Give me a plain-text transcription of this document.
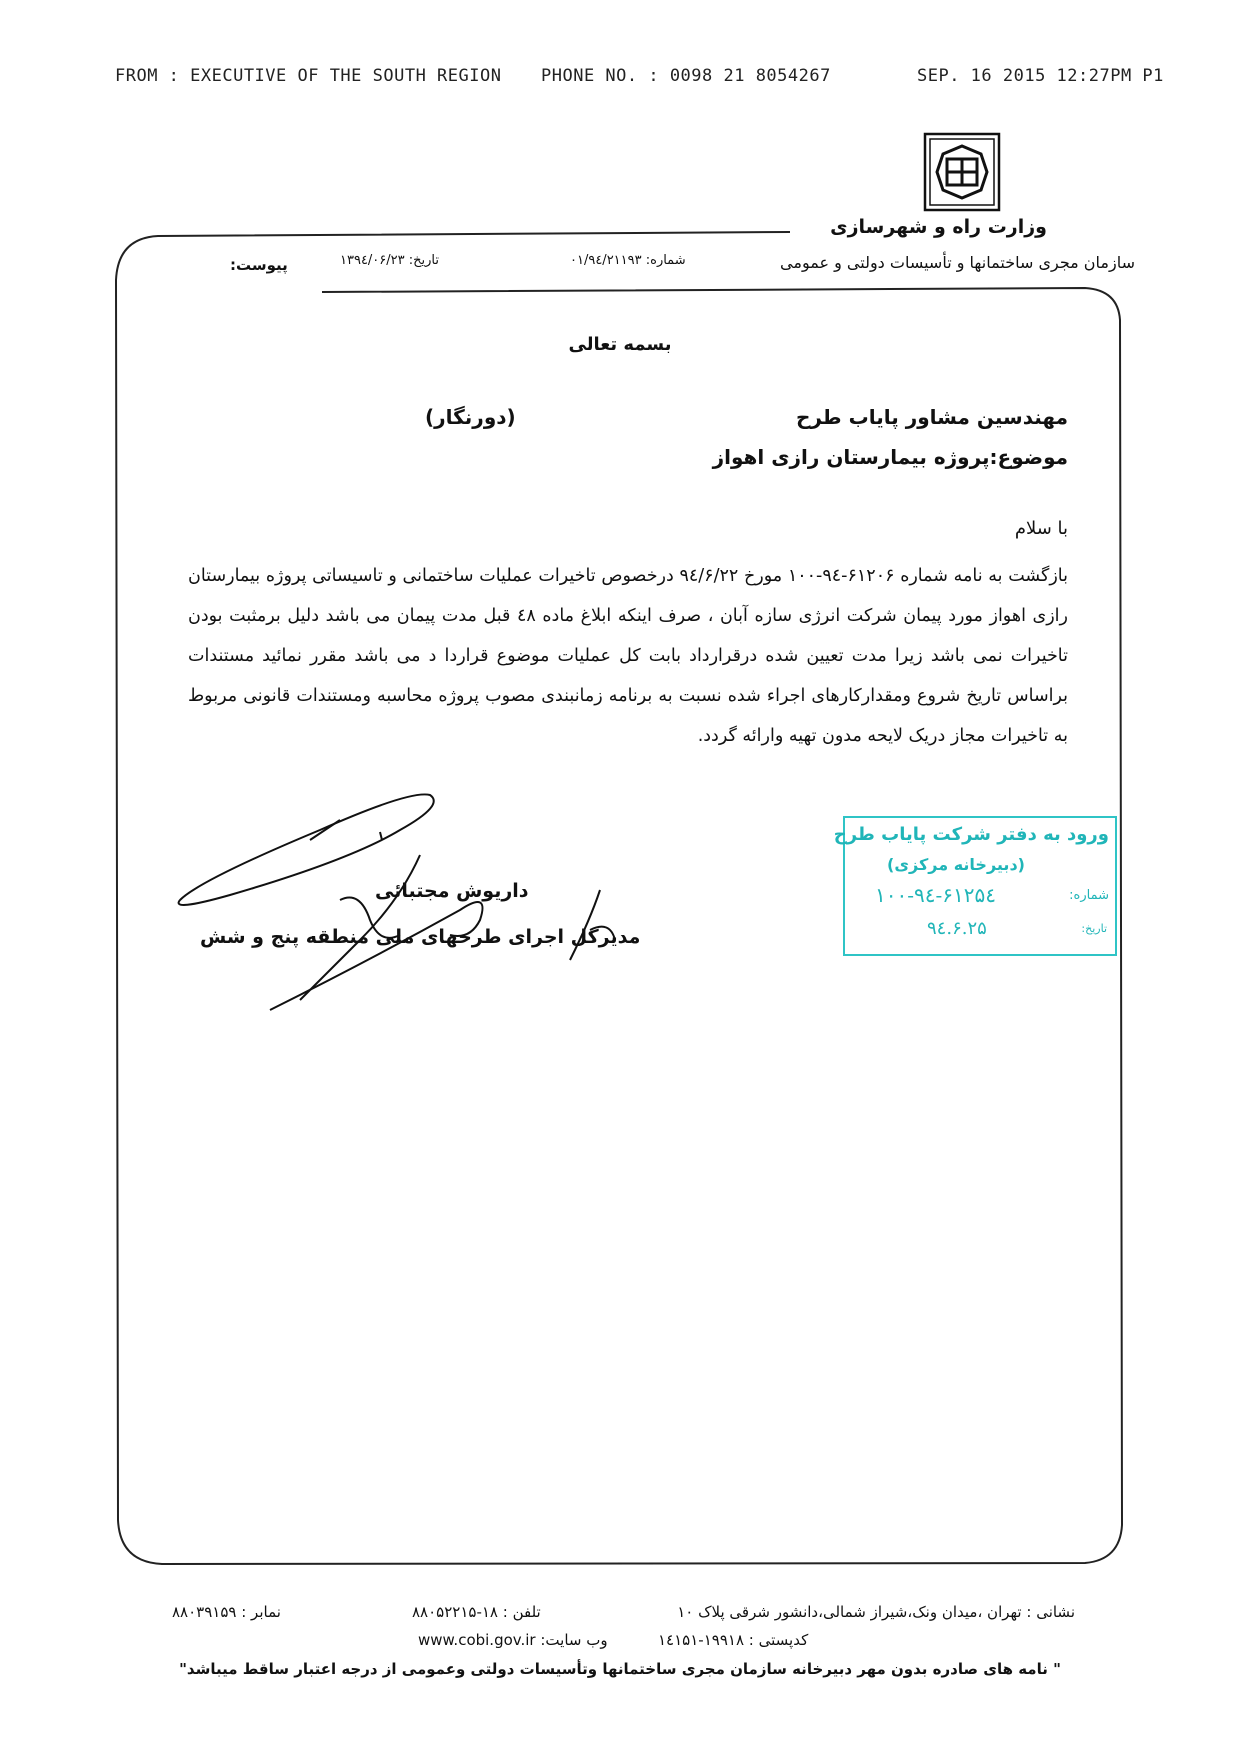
FROM : EXECUTIVE OF THE SOUTH REGION PHONE NO. : 0098 21 8054267	SEP. 16 2015 12:27PM P1
وزارت راه و شهرسازی
سازمان مجری ساختمانها و تأسیسات دولتی و عمومی
شماره: ۰۱/۹٤/۲۱۱۹۳
تاریخ: ۱۳۹٤/۰۶/۲۳
پیوست:
بسمه تعالی
مهندسین مشاور پایاب طرح
(دورنگار)
موضوع:پروژه بیمارستان رازی اهواز
با سلام
بازگشت به نامه شماره ۶۱۲۰۶-۹٤-۱۰۰ مورخ ۹٤/۶/۲۲ درخصوص تاخیرات عملیات ساختمانی و تاسیساتی پروژه بیمارستان رازی اهواز مورد پیمان شرکت انرژی سازه آبان ، صرف اینکه ابلاغ ماده ٤۸ قبل مدت پیمان می باشد دلیل برمثبت بودن تاخیرات نمی باشد زیرا مدت تعیین شده درقرارداد بابت کل عملیات موضوع قراردا د می باشد مقرر نمائید مستندات براساس تاریخ شروع ومقدارکارهای اجراء شده نسبت به برنامه زمانبندی مصوب پروژه محاسبه ومستندات قانونی مربوط به تاخیرات مجاز دریک لایحه مدون تهیه وارائه گردد.
داریوش مجتبائی
مدیرکل اجرای طرحهای ملی منطقه پنج و شش
ورود به دفتر شرکت پایاب طرح
(دبیرخانه مرکزی)
شماره:
۱۰۰-۹٤-۶۱۲۵٤
تاریخ:
۹٤.۶.۲۵
نشانی : تهران ،میدان ونک،شیراز شمالی،دانشور شرقی پلاک ۱۰
تلفن : ۱۸-۸۸۰۵۲۲۱۵
نمابر : ۸۸۰۳۹۱۵۹
کدپستی : ۱۹۹۱۸-۱٤۱۵۱
وب سایت: www.cobi.gov.ir
" نامه های صادره بدون مهر دبیرخانه سازمان مجری ساختمانها وتأسیسات دولتی وعمومی از درجه اعتبار ساقط میباشد"
